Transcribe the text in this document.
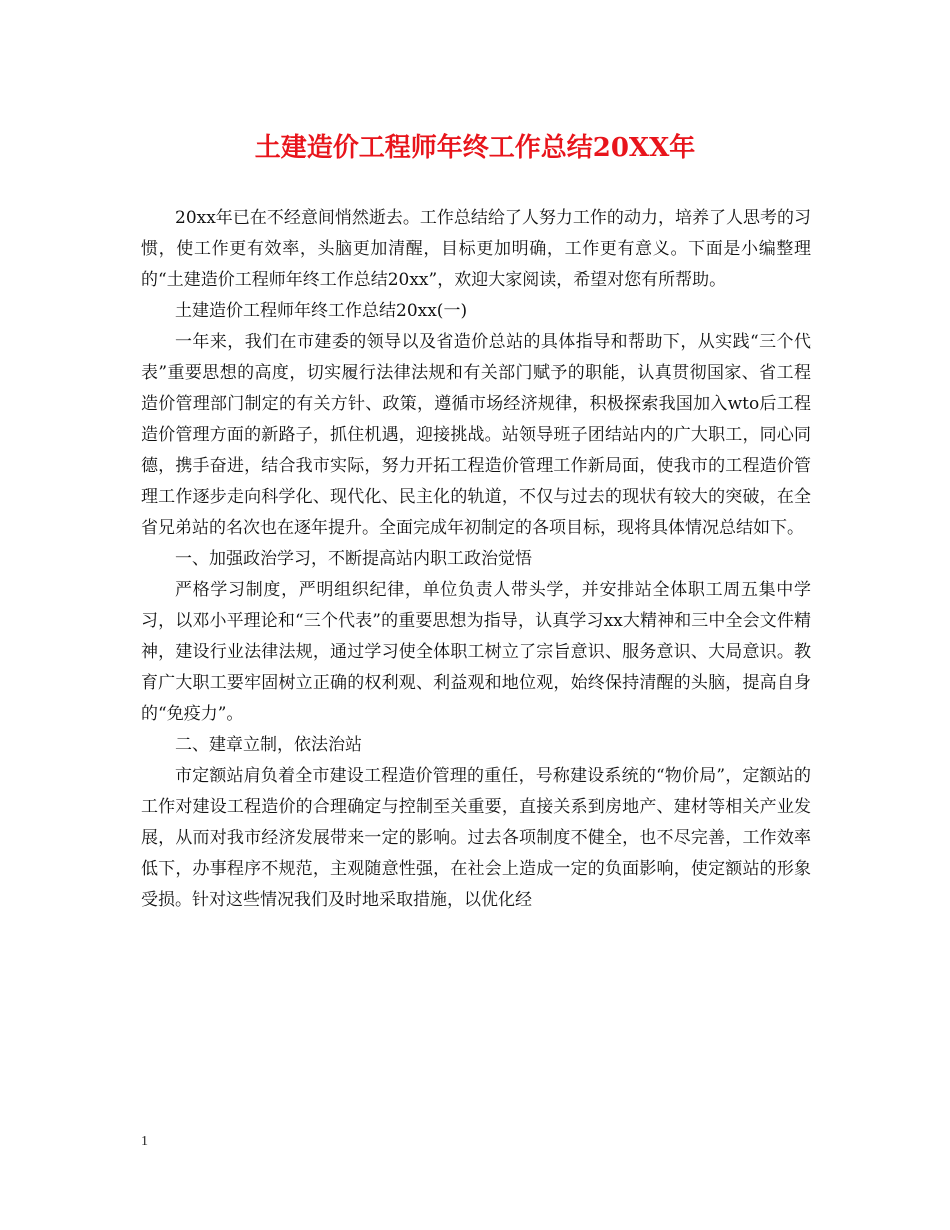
土建造价工程师年终工作总结20XX年

20xx年已在不经意间悄然逝去。工作总结给了人努力工作的动力，培养了人思考的习惯，使工作更有效率，头脑更加清醒，目标更加明确，工作更有意义。下面是小编整理的“土建造价工程师年终工作总结20xx”，欢迎大家阅读，希望对您有所帮助。

土建造价工程师年终工作总结20xx(一)

一年来，我们在市建委的领导以及省造价总站的具体指导和帮助下，从实践“三个代表”重要思想的高度，切实履行法律法规和有关部门赋予的职能，认真贯彻国家、省工程造价管理部门制定的有关方针、政策，遵循市场经济规律，积极探索我国加入wto后工程造价管理方面的新路子，抓住机遇，迎接挑战。站领导班子团结站内的广大职工，同心同德，携手奋进，结合我市实际，努力开拓工程造价管理工作新局面，使我市的工程造价管理工作逐步走向科学化、现代化、民主化的轨道，不仅与过去的现状有较大的突破，在全省兄弟站的名次也在逐年提升。全面完成年初制定的各项目标，现将具体情况总结如下。

一、加强政治学习，不断提高站内职工政治觉悟

严格学习制度，严明组织纪律，单位负责人带头学，并安排站全体职工周五集中学习，以邓小平理论和“三个代表”的重要思想为指导，认真学习xx大精神和三中全会文件精神，建设行业法律法规，通过学习使全体职工树立了宗旨意识、服务意识、大局意识。教育广大职工要牢固树立正确的权利观、利益观和地位观，始终保持清醒的头脑，提高自身的“免疫力”。

二、建章立制，依法治站

市定额站肩负着全市建设工程造价管理的重任，号称建设系统的“物价局”，定额站的工作对建设工程造价的合理确定与控制至关重要，直接关系到房地产、建材等相关产业发展，从而对我市经济发展带来一定的影响。过去各项制度不健全，也不尽完善，工作效率低下，办事程序不规范，主观随意性强，在社会上造成一定的负面影响，使定额站的形象受损。针对这些情况我们及时地采取措施，以优化经

1
